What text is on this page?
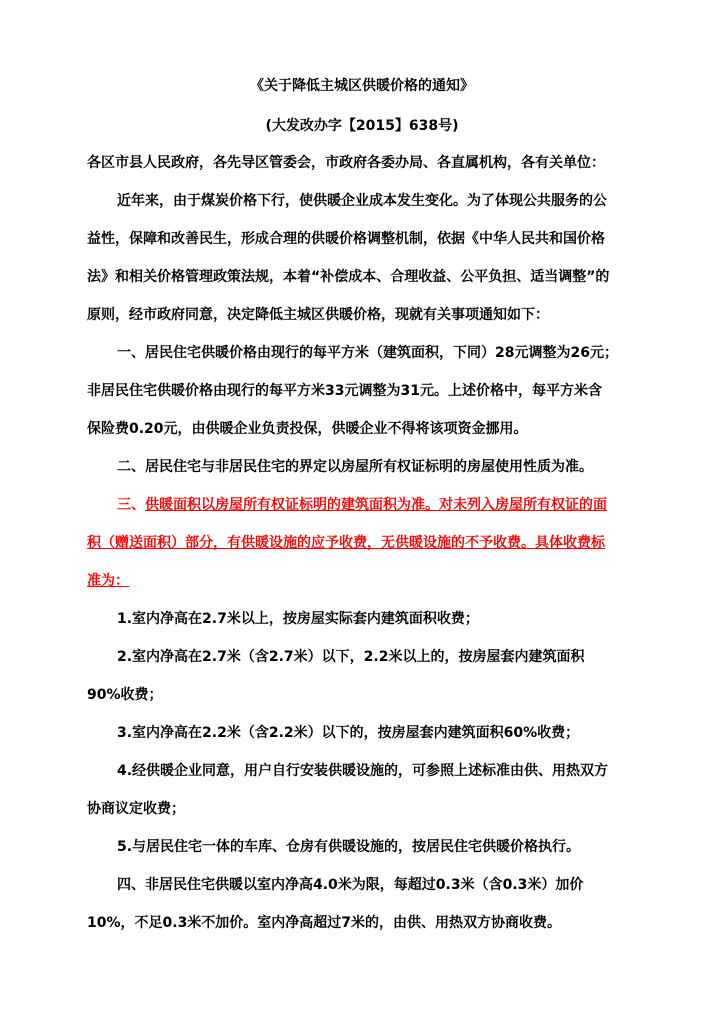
《关于降低主城区供暖价格的通知》
(大发改办字【2015】638号)
各区市县人民政府，各先导区管委会，市政府各委办局、各直属机构，各有关单位：
近年来，由于煤炭价格下行，使供暖企业成本发生变化。为了体现公共服务的公
益性，保障和改善民生，形成合理的供暖价格调整机制，依据《中华人民共和国价格
法》和相关价格管理政策法规，本着“补偿成本、合理收益、公平负担、适当调整”的
原则，经市政府同意，决定降低主城区供暖价格，现就有关事项通知如下：
一、居民住宅供暖价格由现行的每平方米（建筑面积，下同）28元调整为26元；
非居民住宅供暖价格由现行的每平方米33元调整为31元。上述价格中，每平方米含
保险费0.20元，由供暖企业负责投保，供暖企业不得将该项资金挪用。
二、居民住宅与非居民住宅的界定以房屋所有权证标明的房屋使用性质为准。
三、供暖面积以房屋所有权证标明的建筑面积为准。对未列入房屋所有权证的面
积（赠送面积）部分，有供暖设施的应予收费，无供暖设施的不予收费。具体收费标
准为：
1.室内净高在2.7米以上，按房屋实际套内建筑面积收费；
2.室内净高在2.7米（含2.7米）以下，2.2米以上的，按房屋套内建筑面积
90%收费；
3.室内净高在2.2米（含2.2米）以下的，按房屋套内建筑面积60%收费；
4.经供暖企业同意，用户自行安装供暖设施的，可参照上述标准由供、用热双方
协商议定收费；
5.与居民住宅一体的车库、仓房有供暖设施的，按居民住宅供暖价格执行。
四、非居民住宅供暖以室内净高4.0米为限，每超过0.3米（含0.3米）加价
10%，不足0.3米不加价。室内净高超过7米的，由供、用热双方协商收费。
